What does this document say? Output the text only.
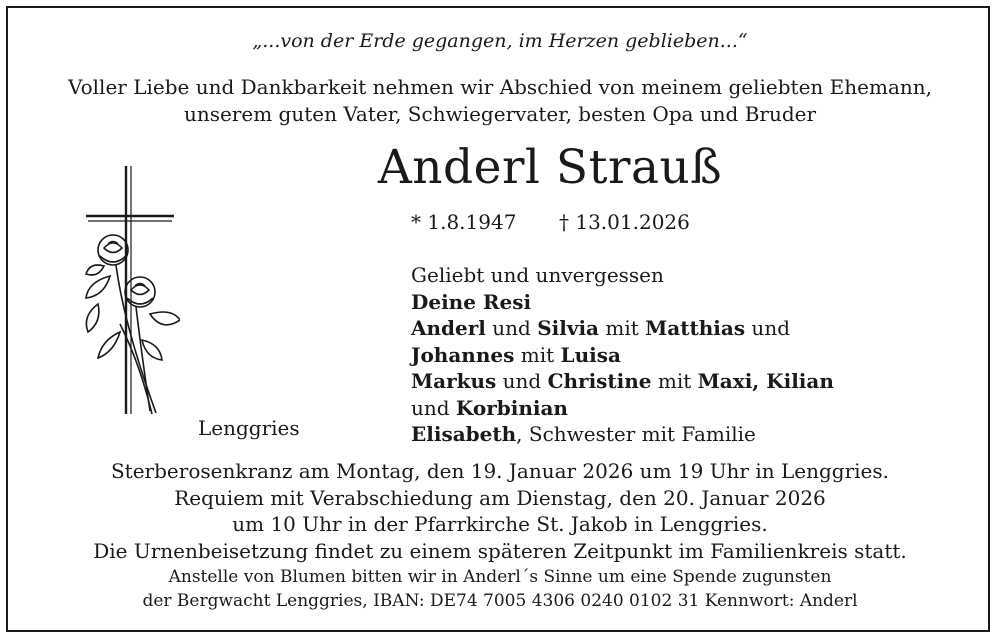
„...von der Erde gegangen, im Herzen geblieben...“
Voller Liebe und Dankbarkeit nehmen wir Abschied von meinem geliebten Ehemann,
unserem guten Vater, Schwiegervater, besten Opa und Bruder
Anderl Strauß
* 1.8.1947 † 13.01.2026
Geliebt und unvergessen
Deine Resi
Anderl und Silvia mit Matthias und
Johannes mit Luisa
Markus und Christine mit Maxi, Kilian
und Korbinian
Elisabeth, Schwester mit Familie
Lenggries
Sterberosenkranz am Montag, den 19. Januar 2026 um 19 Uhr in Lenggries.
Requiem mit Verabschiedung am Dienstag, den 20. Januar 2026
um 10 Uhr in der Pfarrkirche St. Jakob in Lenggries.
Die Urnenbeisetzung findet zu einem späteren Zeitpunkt im Familienkreis statt.
Anstelle von Blumen bitten wir in Anderl´s Sinne um eine Spende zugunsten
der Bergwacht Lenggries, IBAN: DE74 7005 4306 0240 0102 31 Kennwort: Anderl
